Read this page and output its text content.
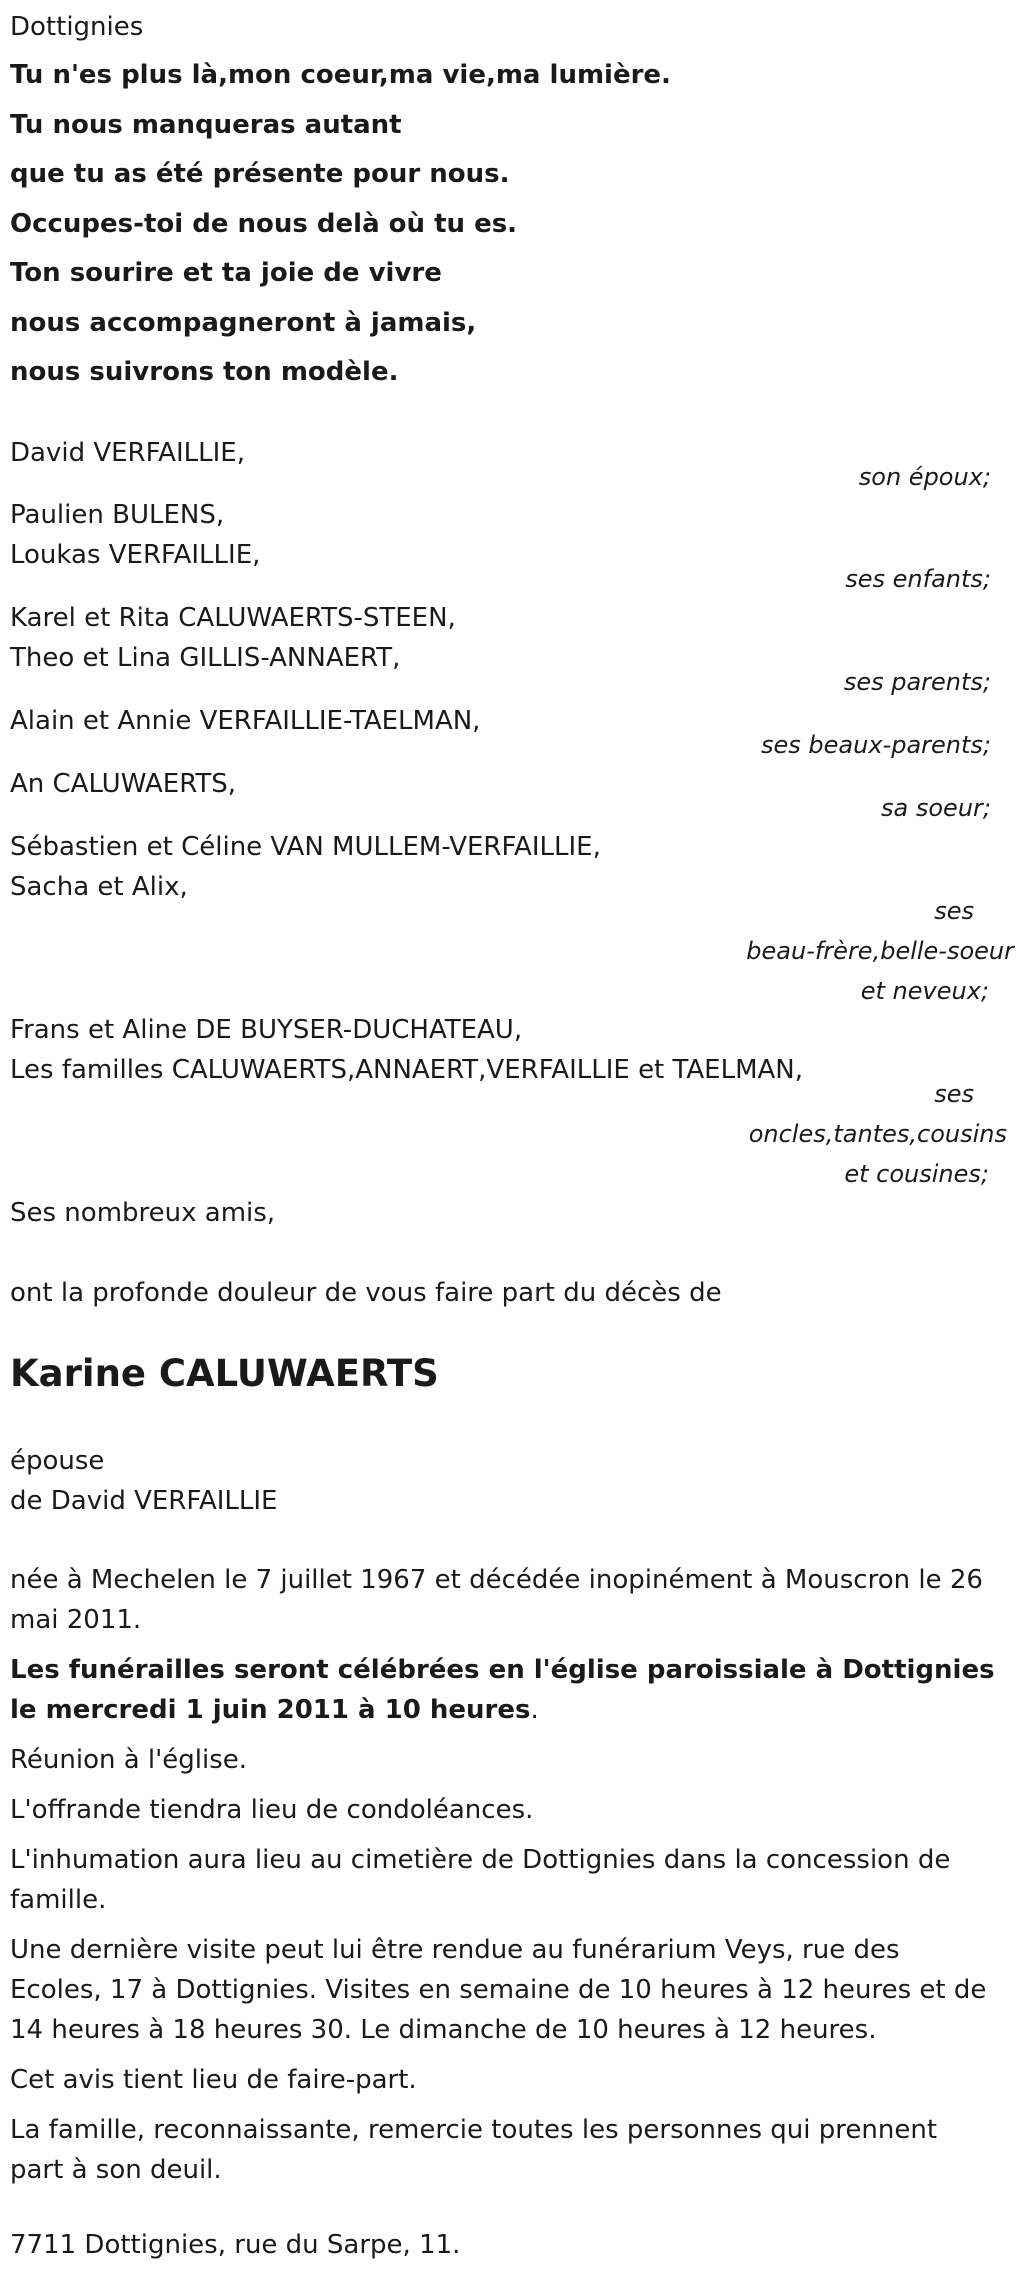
Dottignies

Tu n'es plus là,mon coeur,ma vie,ma lumière.

Tu nous manqueras autant

que tu as été présente pour nous.

Occupes-toi de nous delà où tu es.

Ton sourire et ta joie de vivre

nous accompagneront à jamais,

nous suivrons ton modèle.

David VERFAILLIE,

son époux;

Paulien BULENS,

Loukas VERFAILLIE,

ses enfants;

Karel et Rita CALUWAERTS-STEEN,

Theo et Lina GILLIS-ANNAERT,

ses parents;

Alain et Annie VERFAILLIE-TAELMAN,

ses beaux-parents;

An CALUWAERTS,

sa soeur;

Sébastien et Céline VAN MULLEM-VERFAILLIE,

Sacha et Alix,

ses

beau-frère,belle-soeur

et neveux;

Frans et Aline DE BUYSER-DUCHATEAU,

Les familles CALUWAERTS,ANNAERT,VERFAILLIE et TAELMAN,

ses

oncles,tantes,cousins

et cousines;

Ses nombreux amis,

ont la profonde douleur de vous faire part du décès de

Karine CALUWAERTS

épouse

de David VERFAILLIE

née à Mechelen le 7 juillet 1967 et décédée inopinément à Mouscron le 26 mai 2011.

Les funérailles seront célébrées en l'église paroissiale à Dottignies le mercredi 1 juin 2011 à 10 heures.

Réunion à l'église.

L'offrande tiendra lieu de condoléances.

L'inhumation aura lieu au cimetière de Dottignies dans la concession de famille.

Une dernière visite peut lui être rendue au funérarium Veys, rue des Ecoles, 17 à Dottignies. Visites en semaine de 10 heures à 12 heures et de 14 heures à 18 heures 30. Le dimanche de 10 heures à 12 heures.

Cet avis tient lieu de faire-part.

La famille, reconnaissante, remercie toutes les personnes qui prennent part à son deuil.

7711 Dottignies, rue du Sarpe, 11.
